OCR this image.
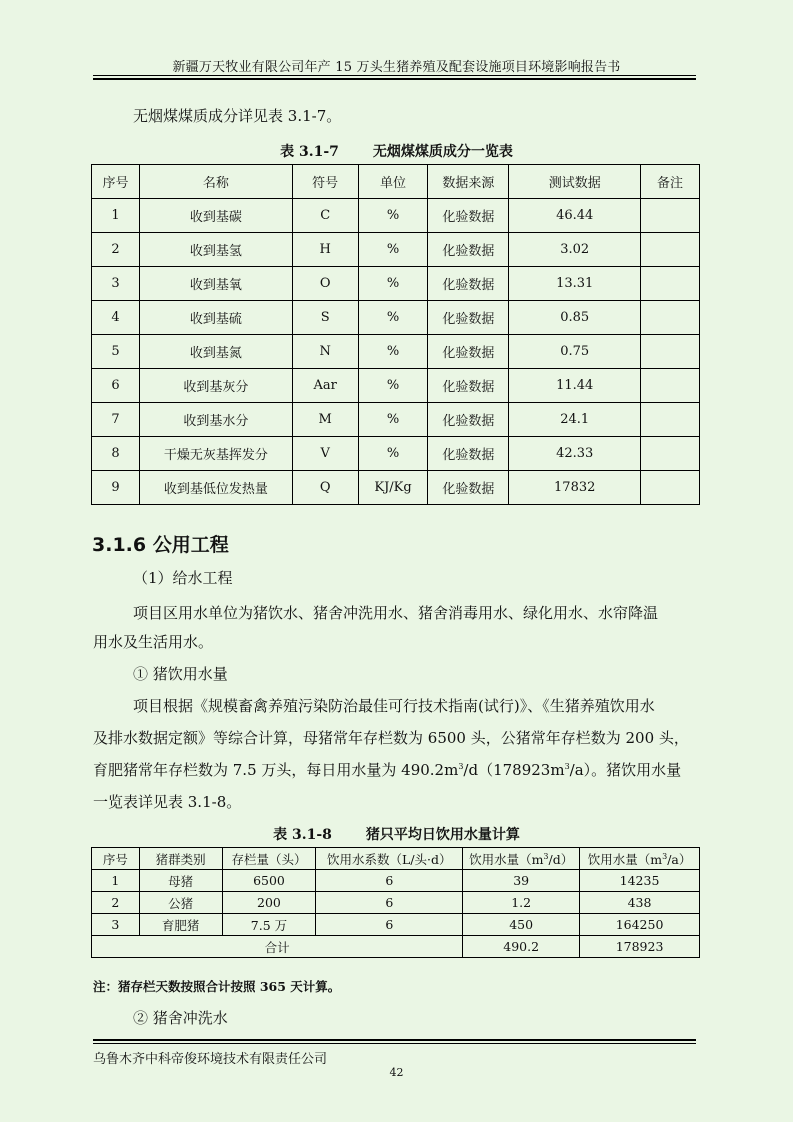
新疆万天牧业有限公司年产 15 万头生猪养殖及配套设施项目环境影响报告书
无烟煤煤质成分详见表 3.1-7。
表 3.1-7 无烟煤煤质成分一览表
序号	名称	符号	单位	数据来源	测试数据	备注
1	收到基碳	C	%	化验数据	46.44	
2	收到基氢	H	%	化验数据	3.02	
3	收到基氧	O	%	化验数据	13.31	
4	收到基硫	S	%	化验数据	0.85	
5	收到基氮	N	%	化验数据	0.75	
6	收到基灰分	Aar	%	化验数据	11.44	
7	收到基水分	M	%	化验数据	24.1	
8	干燥无灰基挥发分	V	%	化验数据	42.33	
9	收到基低位发热量	Q	KJ/Kg	化验数据	17832	
3.1.6 公用工程
（1）给水工程
项目区用水单位为猪饮水、猪舍冲洗用水、猪舍消毒用水、绿化用水、水帘降温
用水及生活用水。
① 猪饮用水量
项目根据《规模畜禽养殖污染防治最佳可行技术指南(试行)》、《生猪养殖饮用水
及排水数据定额》等综合计算，母猪常年存栏数为 6500 头，公猪常年存栏数为 200 头，
育肥猪常年存栏数为 7.5 万头，每日用水量为 $490.2m^3/d(178923m^3/a)$。猪饮用水量
一览表详见表 3.1-8。
表 3.1-8 猪只平均日饮用水量计算
序号	猪群类别	存栏量（头）	饮用水系数（L/头·d）	饮用水量$(m^3/d)$	饮用水量$(m^3/a)$
1	母猪	6500	6	39	14235
2	公猪	200	6	1.2	438
3	育肥猪	7.5 万	6	450	164250
合计				490.2	178923
注：猪存栏天数按照合计按照 365 天计算。
② 猪舍冲洗水
乌鲁木齐中科帝俊环境技术有限责任公司
42
